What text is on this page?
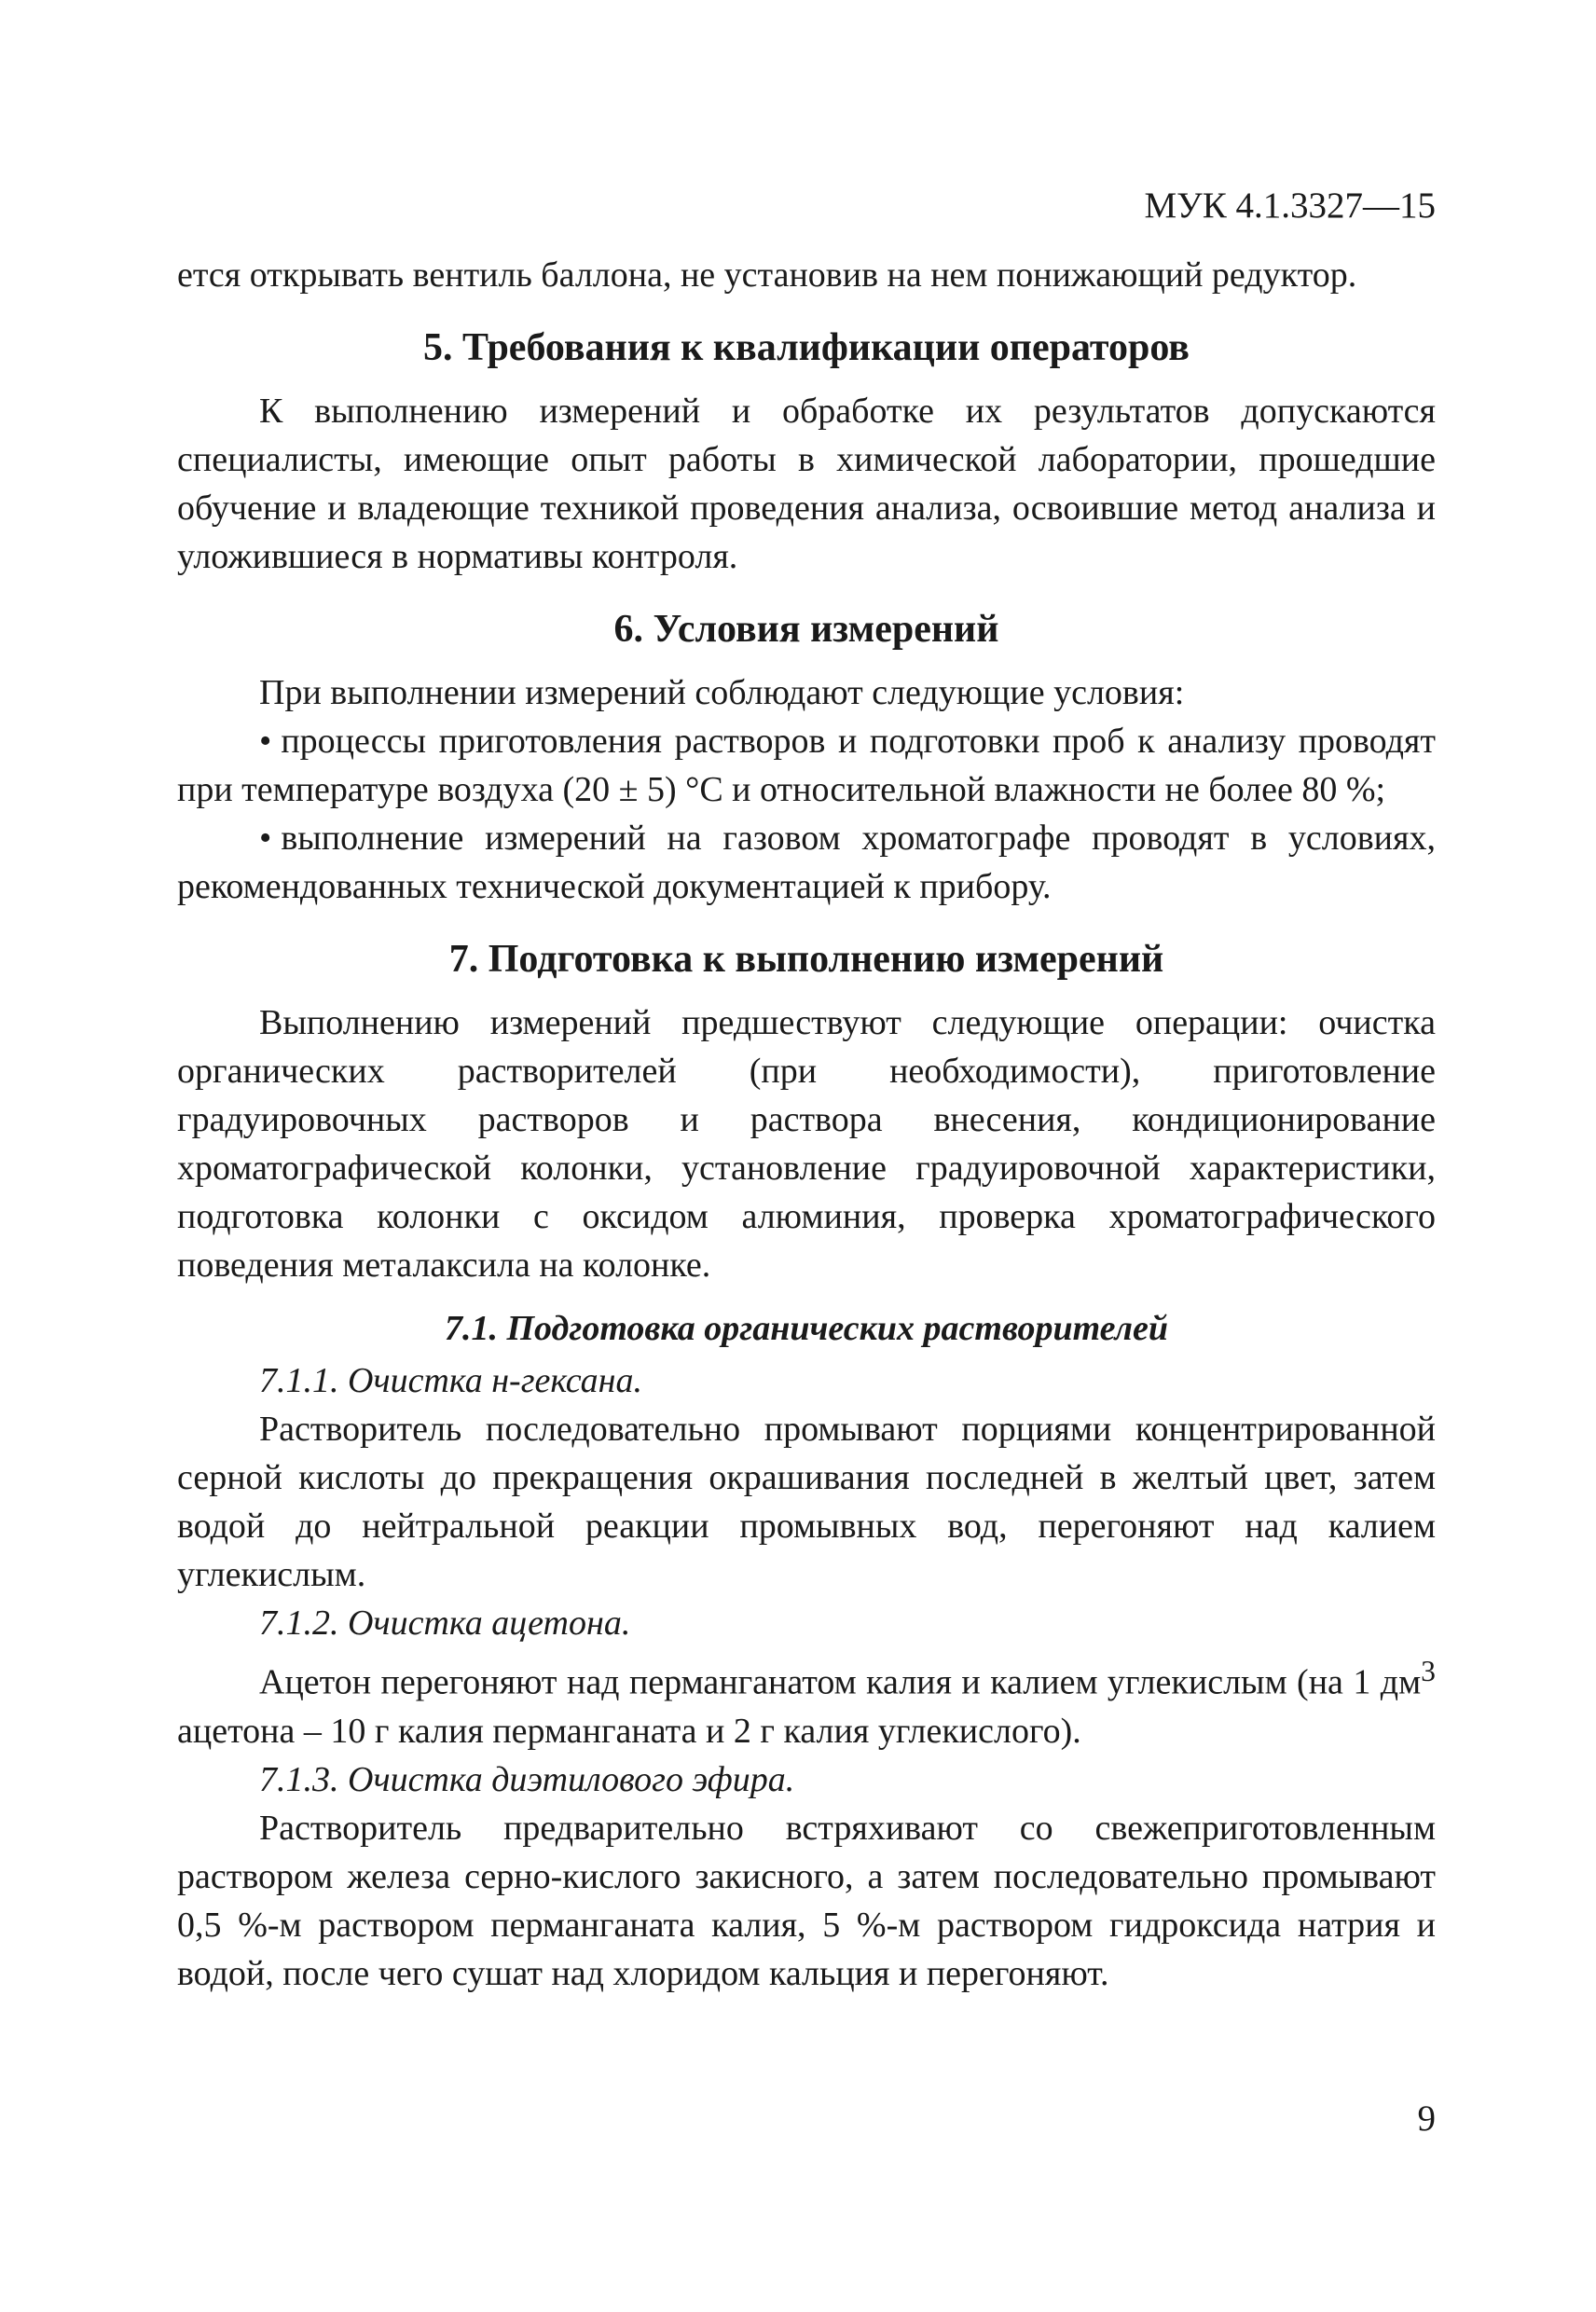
МУК 4.1.3327—15

ется открывать вентиль баллона, не установив на нем понижающий редуктор.

5. Требования к квалификации операторов

К выполнению измерений и обработке их результатов допускаются специалисты, имеющие опыт работы в химической лаборатории, прошедшие обучение и владеющие техникой проведения анализа, освоившие метод анализа и уложившиеся в нормативы контроля.

6. Условия измерений

При выполнении измерений соблюдают следующие условия:

• процессы приготовления растворов и подготовки проб к анализу проводят при температуре воздуха (20 ± 5) °С и относительной влажности не более 80 %;

• выполнение измерений на газовом хроматографе проводят в условиях, рекомендованных технической документацией к прибору.

7. Подготовка к выполнению измерений

Выполнению измерений предшествуют следующие операции: очистка органических растворителей (при необходимости), приготовление градуировочных растворов и раствора внесения, кондиционирование хроматографической колонки, установление градуировочной характеристики, подготовка колонки с оксидом алюминия, проверка хроматографического поведения металаксила на колонке.

7.1. Подготовка органических растворителей

7.1.1. Очистка н-гексана.

Растворитель последовательно промывают порциями концентрированной серной кислоты до прекращения окрашивания последней в желтый цвет, затем водой до нейтральной реакции промывных вод, перегоняют над калием углекислым.

7.1.2. Очистка ацетона.

Ацетон перегоняют над перманганатом калия и калием углекислым (на 1 $дм^3$ ацетона – 10 г калия перманганата и 2 г калия углекислого).

7.1.3. Очистка диэтилового эфира.

Растворитель предварительно встряхивают со свежеприготовленным раствором железа серно-кислого закисного, а затем последовательно промывают 0,5 %-м раствором перманганата калия, 5 %-м раствором гидроксида натрия и водой, после чего сушат над хлоридом кальция и перегоняют.

9
